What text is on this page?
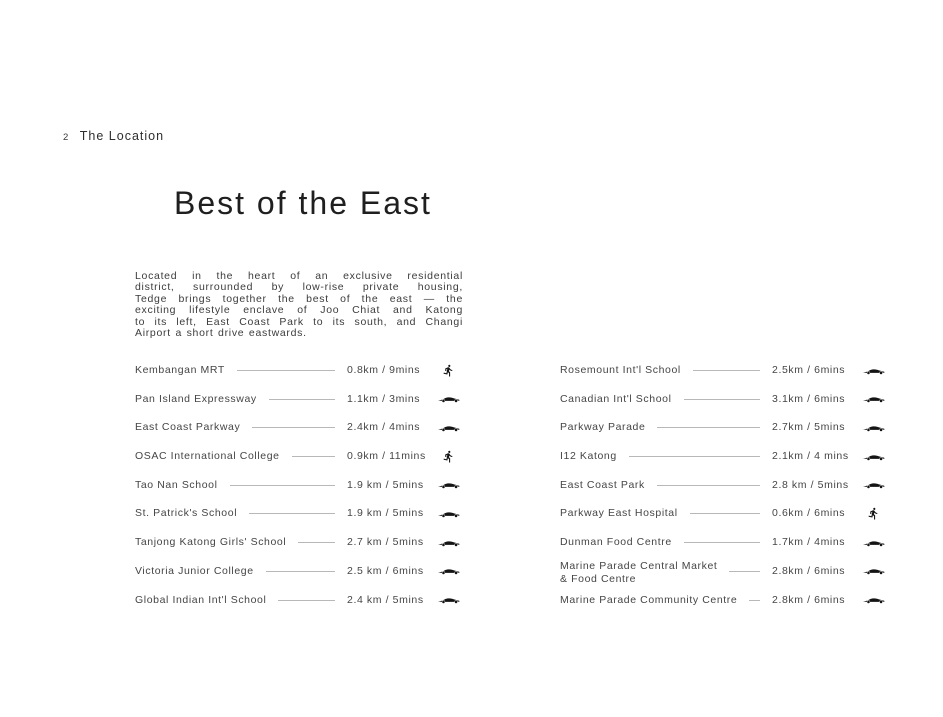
2 The Location
Best of the East
Located in the heart of an exclusive residential
district, surrounded by low-rise private housing,
Tedge brings together the best of the east — the
exciting lifestyle enclave of Joo Chiat and Katong
to its left, East Coast Park to its south, and Changi
Airport a short drive eastwards.
Kembangan MRT	0.8km / 9mins
Pan Island Expressway	1.1km / 3mins
East Coast Parkway	2.4km / 4mins
OSAC International College	0.9km / 11mins
Tao Nan School	1.9 km / 5mins
St. Patrick's School	1.9 km / 5mins
Tanjong Katong Girls' School	2.7 km / 5mins
Victoria Junior College	2.5 km / 6mins
Global Indian Int'l School	2.4 km / 5mins
Rosemount Int'l School	2.5km / 6mins
Canadian Int'l School	3.1km / 6mins
Parkway Parade	2.7km / 5mins
I12 Katong	2.1km / 4 mins
East Coast Park	2.8 km / 5mins
Parkway East Hospital	0.6km / 6mins
Dunman Food Centre	1.7km / 4mins
Marine Parade Central Market
& Food Centre
2.8km / 6mins
Marine Parade Community Centre	2.8km / 6mins
